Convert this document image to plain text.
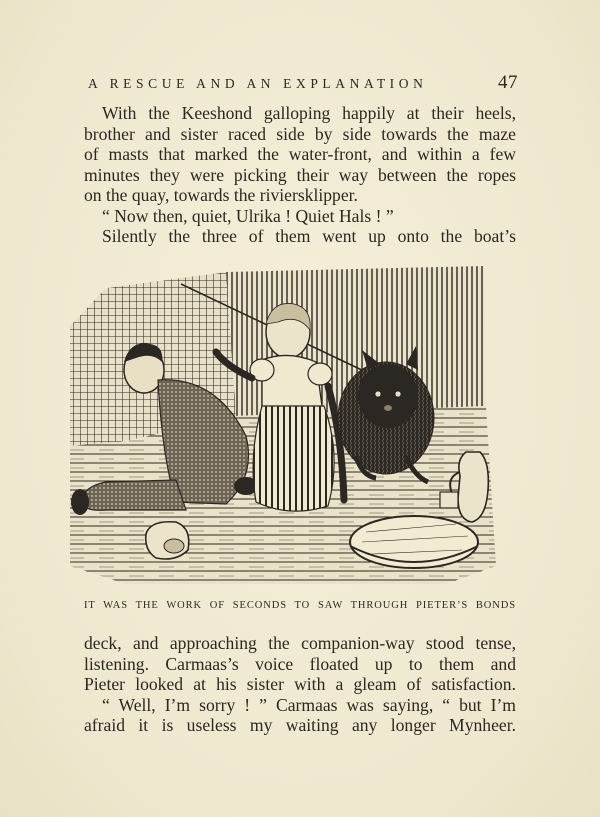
A RESCUE AND AN EXPLANATION	47
With the Keeshond galloping happily at their heels,
brother and sister raced side by side towards the maze
of masts that marked the water-front, and within a few
minutes they were picking their way between the ropes
on the quay, towards the riviersklipper.
“ Now then, quiet, Ulrika ! Quiet Hals ! ”
Silently the three of them went up onto the boat’s
IT WAS THE WORK OF SECONDS TO SAW THROUGH PIETER’S BONDS
deck, and approaching the companion-way stood tense,
listening. Carmaas’s voice floated up to them and
Pieter looked at his sister with a gleam of satisfaction.
“ Well, I’m sorry ! ” Carmaas was saying, “ but I’m
afraid it is useless my waiting any longer Mynheer.
